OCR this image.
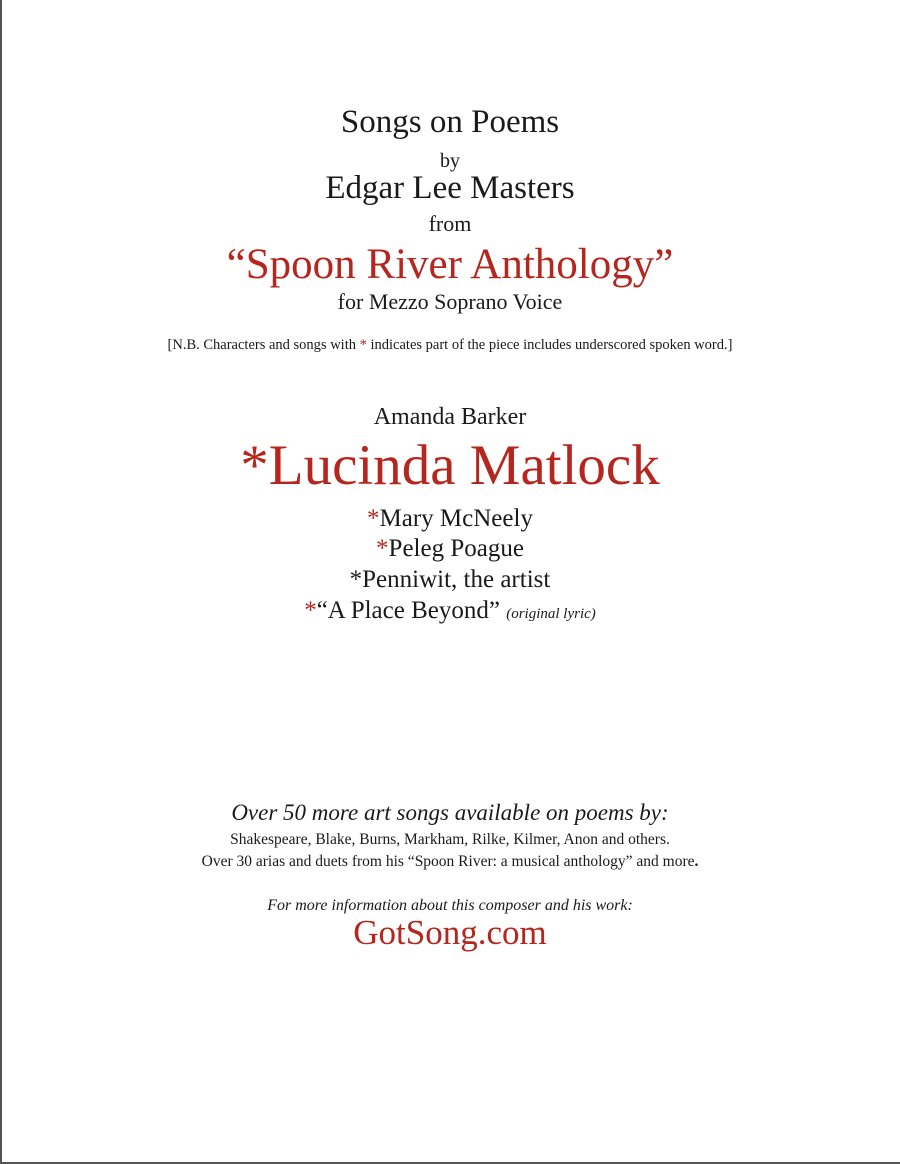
Songs on Poems
by
Edgar Lee Masters
from
“Spoon River Anthology”
for Mezzo Soprano Voice
[N.B. Characters and songs with * indicates part of the piece includes underscored spoken word.]
Amanda Barker
*Lucinda Matlock
*Mary McNeely
*Peleg Poague
*Penniwit, the artist
*“A Place Beyond” (original lyric)
Over 50 more art songs available on poems by:
Shakespeare, Blake, Burns, Markham, Rilke, Kilmer, Anon and others.
Over 30 arias and duets from his “Spoon River: a musical anthology” and more.
For more information about this composer and his work:
GotSong.com
